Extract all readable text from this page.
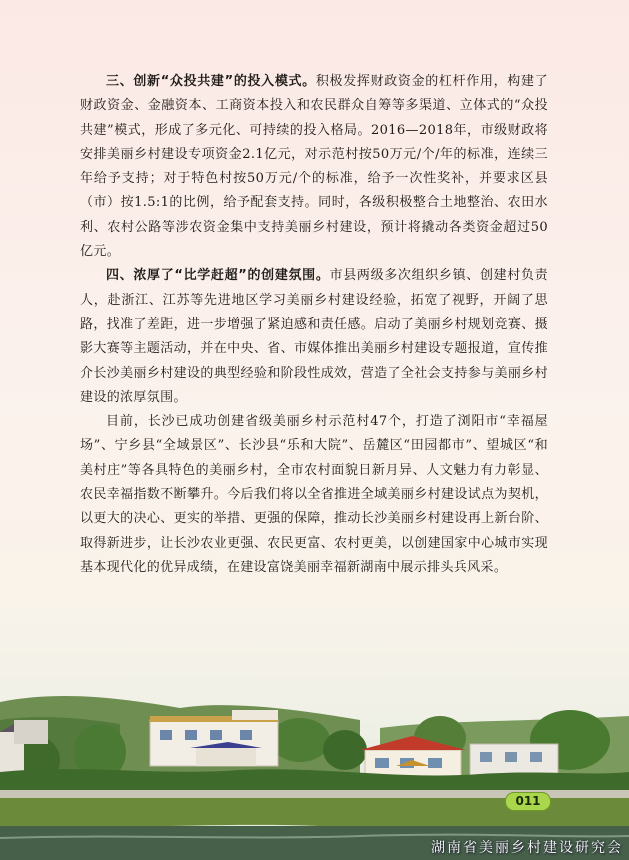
三、创新“众投共建”的投入模式。积极发挥财政资金的杠杆作用，构建了财政资金、金融资本、工商资本投入和农民群众自筹等多渠道、立体式的“众投共建”模式，形成了多元化、可持续的投入格局。2016—2018年，市级财政将安排美丽乡村建设专项资金2.1亿元，对示范村按50万元/个/年的标准，连续三年给予支持；对于特色村按50万元/个的标准，给予一次性奖补，并要求区县（市）按1.5:1的比例，给予配套支持。同时，各级积极整合土地整治、农田水利、农村公路等涉农资金集中支持美丽乡村建设，预计将撬动各类资金超过50亿元。

四、浓厚了“比学赶超”的创建氛围。市县两级多次组织乡镇、创建村负责人，赴浙江、江苏等先进地区学习美丽乡村建设经验，拓宽了视野，开阔了思路，找准了差距，进一步增强了紧迫感和责任感。启动了美丽乡村规划竞赛、摄影大赛等主题活动，并在中央、省、市媒体推出美丽乡村建设专题报道，宣传推介长沙美丽乡村建设的典型经验和阶段性成效，营造了全社会支持参与美丽乡村建设的浓厚氛围。

目前，长沙已成功创建省级美丽乡村示范村47个，打造了浏阳市“幸福屋场”、宁乡县“全域景区”、长沙县“乐和大院”、岳麓区“田园都市”、望城区“和美村庄”等各具特色的美丽乡村，全市农村面貌日新月异、人文魅力有力彰显、农民幸福指数不断攀升。今后我们将以全省推进全域美丽乡村建设试点为契机，以更大的决心、更实的举措、更强的保障，推动长沙美丽乡村建设再上新台阶、取得新进步，让长沙农业更强、农民更富、农村更美，以创建国家中心城市实现基本现代化的优异成绩，在建设富饶美丽幸福新湖南中展示排头兵风采。

011
湖南省美丽乡村建设研究会
